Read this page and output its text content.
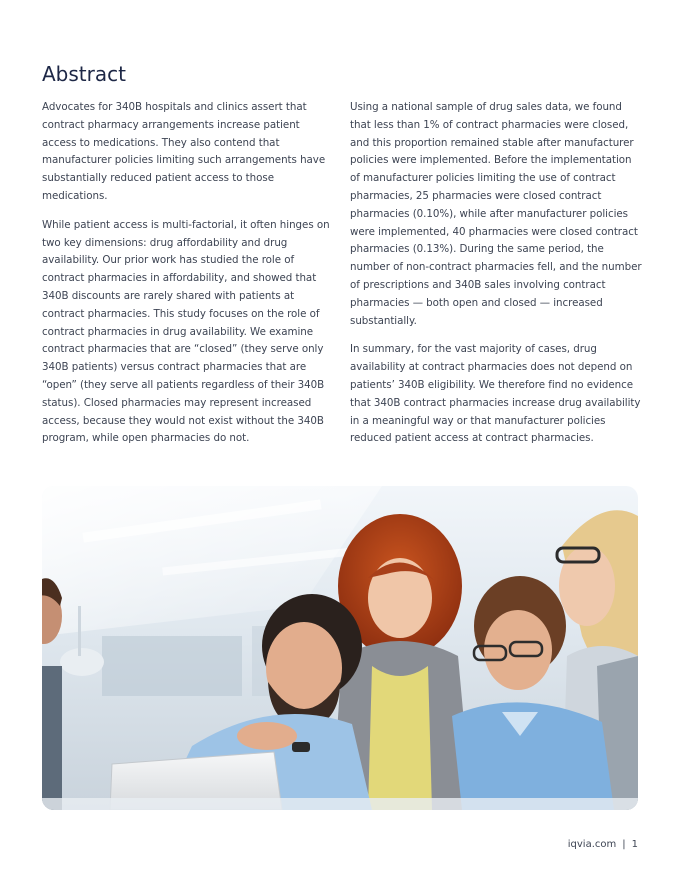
Abstract

Advocates for 340B hospitals and clinics assert that contract pharmacy arrangements increase patient access to medications. They also contend that manufacturer policies limiting such arrangements have substantially reduced patient access to those medications.

While patient access is multi-factorial, it often hinges on two key dimensions: drug affordability and drug availability. Our prior work has studied the role of contract pharmacies in affordability, and showed that 340B discounts are rarely shared with patients at contract pharmacies. This study focuses on the role of contract pharmacies in drug availability. We examine contract pharmacies that are “closed” (they serve only 340B patients) versus contract pharmacies that are “open” (they serve all patients regardless of their 340B status). Closed pharmacies may represent increased access, because they would not exist without the 340B program, while open pharmacies do not.

Using a national sample of drug sales data, we found that less than 1% of contract pharmacies were closed, and this proportion remained stable after manufacturer policies were implemented. Before the implementation of manufacturer policies limiting the use of contract pharmacies, 25 pharmacies were closed contract pharmacies (0.10%), while after manufacturer policies were implemented, 40 pharmacies were closed contract pharmacies (0.13%). During the same period, the number of non-contract pharmacies fell, and the number of prescriptions and 340B sales involving contract pharmacies — both open and closed — increased substantially.

In summary, for the vast majority of cases, drug availability at contract pharmacies does not depend on patients’ 340B eligibility. We therefore find no evidence that 340B contract pharmacies increase drug availability in a meaningful way or that manufacturer policies reduced patient access at contract pharmacies.

iqvia.com | 1
